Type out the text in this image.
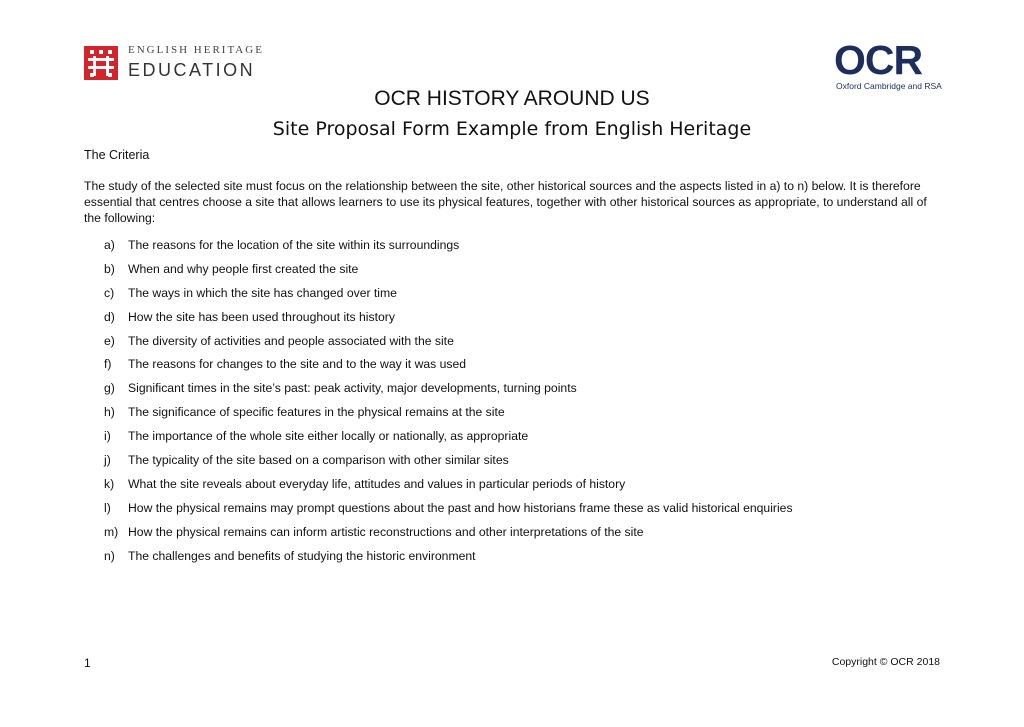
ENGLISH HERITAGE
EDUCATION	OCR
Oxford Cambridge and RSA
OCR HISTORY AROUND US
Site Proposal Form Example from English Heritage
The Criteria
The study of the selected site must focus on the relationship between the site, other historical sources and the aspects listed in a) to n) below. It is therefore essential that centres choose a site that allows learners to use its physical features, together with other historical sources as appropriate, to understand all of the following:
a)	The reasons for the location of the site within its surroundings
b)	When and why people first created the site
c)	The ways in which the site has changed over time
d)	How the site has been used throughout its history
e)	The diversity of activities and people associated with the site
f)	The reasons for changes to the site and to the way it was used
g)	Significant times in the site’s past: peak activity, major developments, turning points
h)	The significance of specific features in the physical remains at the site
i)	The importance of the whole site either locally or nationally, as appropriate
j)	The typicality of the site based on a comparison with other similar sites
k)	What the site reveals about everyday life, attitudes and values in particular periods of history
l)	How the physical remains may prompt questions about the past and how historians frame these as valid historical enquiries
m) How the physical remains can inform artistic reconstructions and other interpretations of the site
n)	The challenges and benefits of studying the historic environment
1	Copyright © OCR 2018
